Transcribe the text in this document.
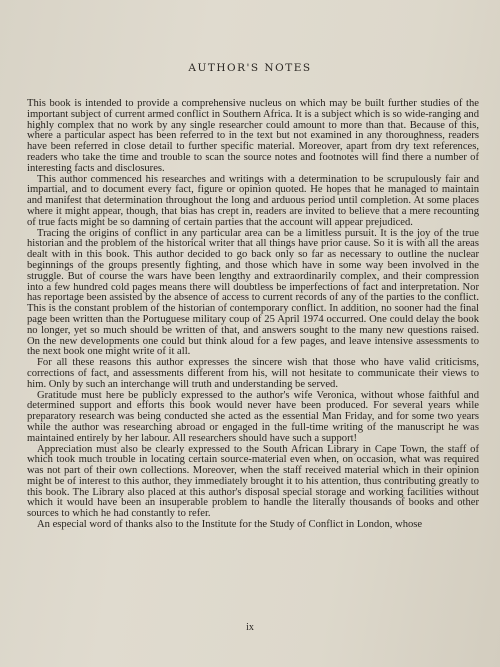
AUTHOR'S NOTES

This book is intended to provide a comprehensive nucleus on which may be built further studies of the important subject of current armed conflict in Southern Africa. It is a subject which is so wide-ranging and highly complex that no work by any single researcher could amount to more than that. Because of this, where a particular aspect has been referred to in the text but not examined in any thoroughness, readers have been referred in close detail to further specific material. Moreover, apart from dry text references, readers who take the time and trouble to scan the source notes and footnotes will find there a number of interesting facts and disclosures.

This author commenced his researches and writings with a determination to be scrupulously fair and impartial, and to document every fact, figure or opinion quoted. He hopes that he managed to maintain and manifest that determination throughout the long and arduous period until completion. At some places where it might appear, though, that bias has crept in, readers are invited to believe that a mere recounting of true facts might be so damning of certain parties that the account will appear prejudiced.

Tracing the origins of conflict in any particular area can be a limitless pursuit. It is the joy of the true historian and the problem of the historical writer that all things have prior cause. So it is with all the areas dealt with in this book. This author decided to go back only so far as necessary to outline the nuclear beginnings of the groups presently fighting, and those which have in some way been involved in the struggle. But of course the wars have been lengthy and extraordinarily complex, and their compression into a few hundred cold pages means there will doubtless be imperfections of fact and interpretation. Nor has reportage been assisted by the absence of access to current records of any of the parties to the conflict. This is the constant problem of the historian of contemporary conflict. In addition, no sooner had the final page been written than the Portuguese military coup of 25 April 1974 occurred. One could delay the book no longer, yet so much should be written of that, and answers sought to the many new questions raised. On the new developments one could but think aloud for a few pages, and leave intensive assessments to the next book one might write of it all.

For all these reasons this author expresses the sincere wish that those who have valid criticisms, corrections of fact, and assessments different from his, will not hesitate to communicate their views to him. Only by such an interchange will truth and understanding be served.

Gratitude must here be publicly expressed to the author's wife Veronica, without whose faithful and determined support and efforts this book would never have been produced. For several years while preparatory research was being conducted she acted as the essential Man Friday, and for some two years while the author was researching abroad or engaged in the full-time writing of the manuscript he was maintained entirely by her labour. All researchers should have such a support!

Appreciation must also be clearly expressed to the South African Library in Cape Town, the staff of which took much trouble in locating certain source-material even when, on occasion, what was required was not part of their own collections. Moreover, when the staff received material which in their opinion might be of interest to this author, they immediately brought it to his attention, thus contributing greatly to this book. The Library also placed at this author's disposal special storage and working facilities without which it would have been an insuperable problem to handle the literally thousands of books and other sources to which he had constantly to refer.

An especial word of thanks also to the Institute for the Study of Conflict in London, whose

ix
